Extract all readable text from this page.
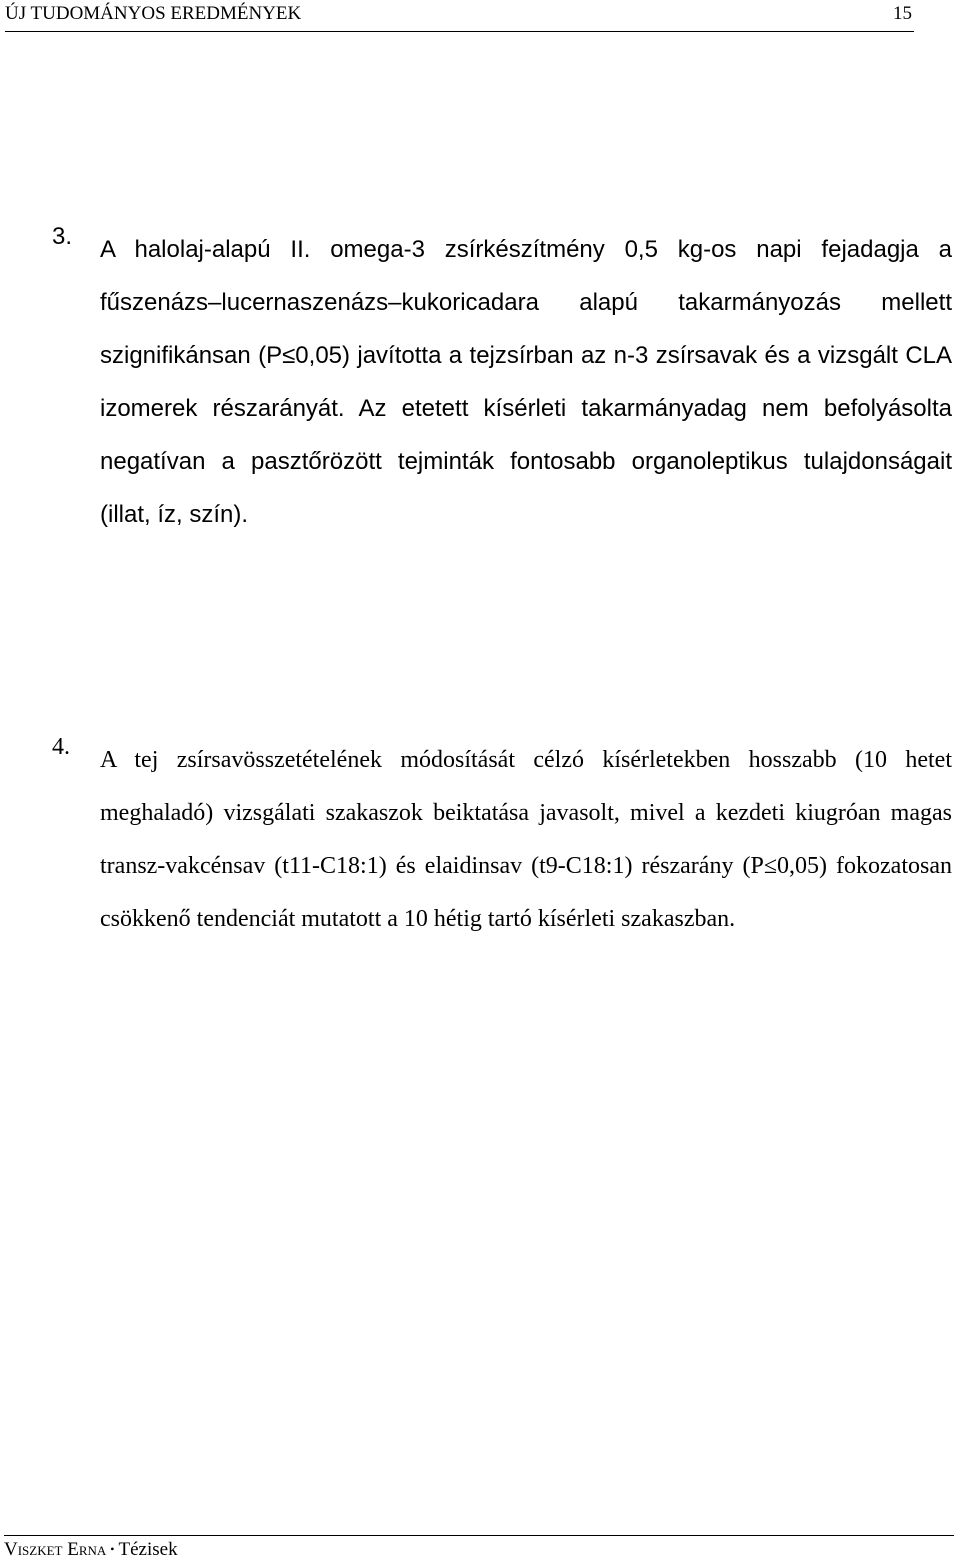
ÚJ TUDOMÁNYOS EREDMÉNYEK	15
3. A halolaj-alapú II. omega-3 zsírkészítmény 0,5 kg-os napi fejadagja a fűszenázs–lucernaszenázs–kukoricadara alapú takarmányozás mellett szignifikánsan (P≤0,05) javította a tejzsírban az n-3 zsírsavak és a vizsgált CLA izomerek részarányát. Az etetett kísérleti takarmányadag nem befolyásolta negatívan a pasztőrözött tejminták fontosabb organoleptikus tulajdonságait (illat, íz, szín).

4. A tej zsírsavösszetételének módosítását célzó kísérletekben hosszabb (10 hetet meghaladó) vizsgálati szakaszok beiktatása javasolt, mivel a kezdeti kiugróan magas transz-vakcénsav (t11-C18:1) és elaidinsav (t9-C18:1) részarány (P≤0,05) fokozatosan csökkenő tendenciát mutatott a 10 hétig tartó kísérleti szakaszban.

Viszket Erna • Tézisek
